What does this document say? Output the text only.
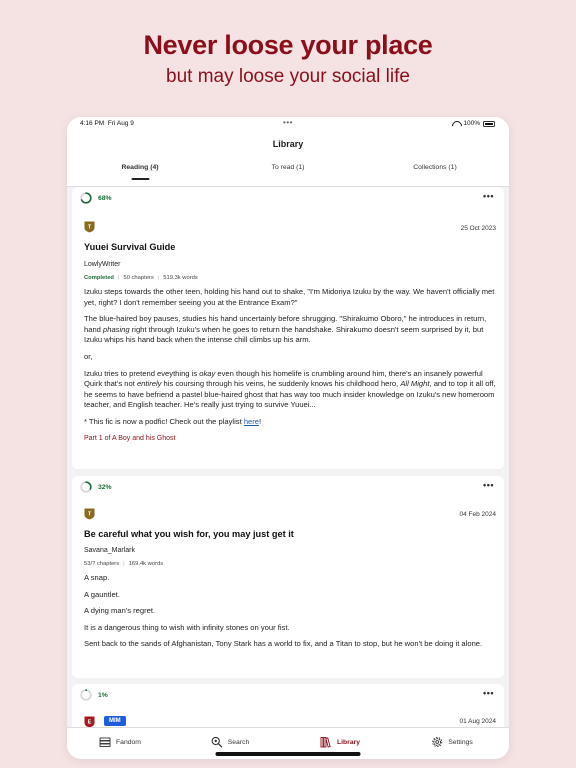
Never loose your place
but may loose your social life
4:16 PM Fri Aug 9	•••	100%
Library
Reading (4)	To read (1)	Collections (1)
68%	•••
T	25 Oct 2023
Yuuei Survival Guide
LowlyWriter
Completed | 50 chapters | 519.3k words

Izuku steps towards the other teen, holding his hand out to shake, "I'm Midoriya Izuku by the way. We haven't officially met yet, right? I don't remember seeing you at the Entrance Exam?"

The blue-haired boy pauses, studies his hand uncertainly before shrugging. "Shirakumo Oboro," he introduces in return, hand phasing right through Izuku's when he goes to return the handshake. Shirakumo doesn't seem surprised by it, but Izuku whips his hand back when the intense chill climbs up his arm.

or,

Izuku tries to pretend eveything is okay even though his homelife is crumbling around him, there's an insanely powerful Quirk that's not entirely his coursing through his veins, he suddenly knows his childhood hero, All Might, and to top it all off, he seems to have befriend a pastel blue-haired ghost that has way too much insider knowledge on Izuku's new homeroom teacher, and English teacher. He's really just trying to survive Yuuei...

* This fic is now a podfic! Check out the playlist here!

Part 1 of A Boy and his Ghost

32%	•••
T	04 Feb 2024
Be careful what you wish for, you may just get it
Savana_Marlark
53/? chapters | 169.4k words

A snap.

A gauntlet.

A dying man's regret.

It is a dangerous thing to wish with infinity stones on your fist.

Sent back to the sands of Afghanistan, Tony Stark has a world to fix, and a Titan to stop, but he won't be doing it alone.

1%	•••
E	MIM	01 Aug 2024
Fandom	Search	Library	Settings
